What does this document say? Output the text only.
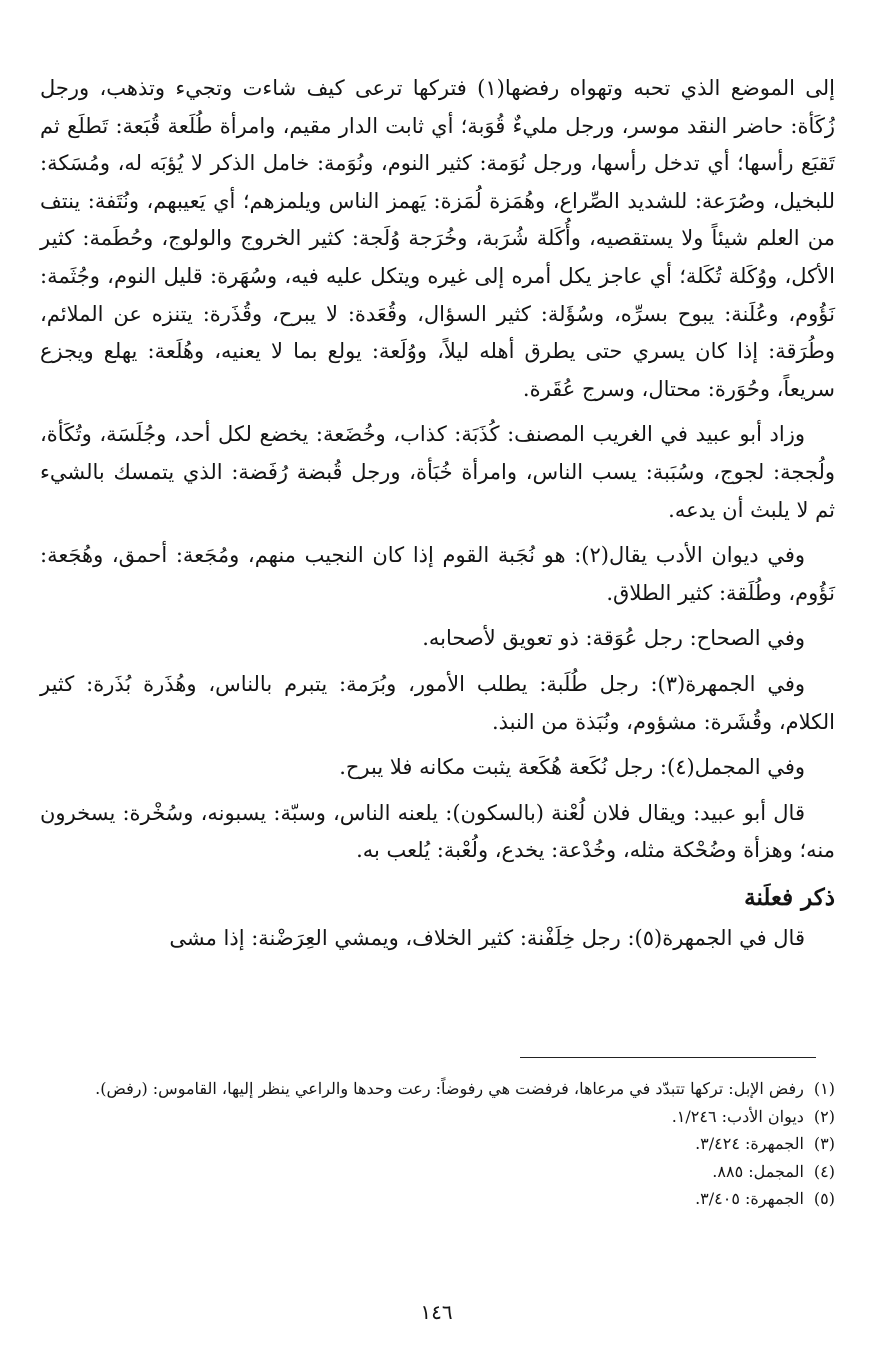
إلى الموضع الذي تحبه وتهواه رفضها(١) فتركها ترعى كيف شاءت وتجيء وتذهب، ورجل زُكَأة: حاضر النقد موسر، ورجل مليءٌ قُوَبة؛ أي ثابت الدار مقيم، وامرأة طُلَعة قُبَعة: تَطلَع ثم تَقبَع رأسها؛ أي تدخل رأسها، ورجل نُوَمة: كثير النوم، ونُوَمة: خامل الذكر لا يُؤبَه له، ومُسَكة: للبخيل، وصُرَعة: للشديد الصِّراع، وهُمَزة لُمَزة: يَهمز الناس ويلمزهم؛ أي يَعيبهم، ونُتَفة: ينتف من العلم شيئاً ولا يستقصيه، وأُكَلة شُرَبة، وخُرَجة وُلَجة: كثير الخروج والولوج، وحُطَمة: كثير الأكل، ووُكَلة تُكَلة؛ أي عاجز يكل أمره إلى غيره ويتكل عليه فيه، وسُهَرة: قليل النوم، وجُثَمة: نَؤُوم، وعُلَنة: يبوح بسرِّه، وسُؤَلة: كثير السؤال، وقُعَدة: لا يبرح، وقُذَرة: يتنزه عن الملائم، وطُرَقة: إذا كان يسري حتى يطرق أهله ليلاً، ووُلَعة: يولع بما لا يعنيه، وهُلَعة: يهلع ويجزع سريعاً، وحُوَرة: محتال، وسرج عُقَرة.

وزاد أبو عبيد في الغريب المصنف: كُذَبَة: كذاب، وخُضَعة: يخضع لكل أحد، وجُلَسَة، وتُكَأة، ولُججة: لجوج، وسُبَبة: يسب الناس، وامرأة خُبَأة، ورجل قُبضة رُفَضة: الذي يتمسك بالشيء ثم لا يلبث أن يدعه.

وفي ديوان الأدب يقال(٢): هو نُجَبة القوم إذا كان النجيب منهم، ومُجَعة: أحمق، وهُجَعة: نَؤُوم، وطُلَقة: كثير الطلاق.

وفي الصحاح: رجل عُوَقة: ذو تعويق لأصحابه.

وفي الجمهرة(٣): رجل طُلَبة: يطلب الأمور، وبُرَمة: يتبرم بالناس، وهُذَرة بُذَرة: كثير الكلام، وقُشَرة: مشؤوم، ونُبَذة من النبذ.

وفي المجمل(٤): رجل نُكَعة هُكَعة يثبت مكانه فلا يبرح.

قال أبو عبيد: ويقال فلان لُعْنة (بالسكون): يلعنه الناس، وسبّة: يسبونه، وسُخْرة: يسخرون منه؛ وهزأة وضُحْكة مثله، وخُدْعة: يخدع، ولُعْبة: يُلعب به.

ذكر فعلَنة

قال في الجمهرة(٥): رجل خِلَفْنة: كثير الخلاف، ويمشي العِرَضْنة: إذا مشى

(١)
رفض الإبل: تركها تتبدّد في مرعاها، فرفضت هي رفوضاً: رعت وحدها والراعي ينظر إليها، القاموس: (رفض).
(٢)
ديوان الأدب: ١/٢٤٦.
(٣)
الجمهرة: ٣/٤٢٤.
(٤)
المجمل: ٨٨٥.
(٥)
الجمهرة: ٣/٤٠٥.
١٤٦
